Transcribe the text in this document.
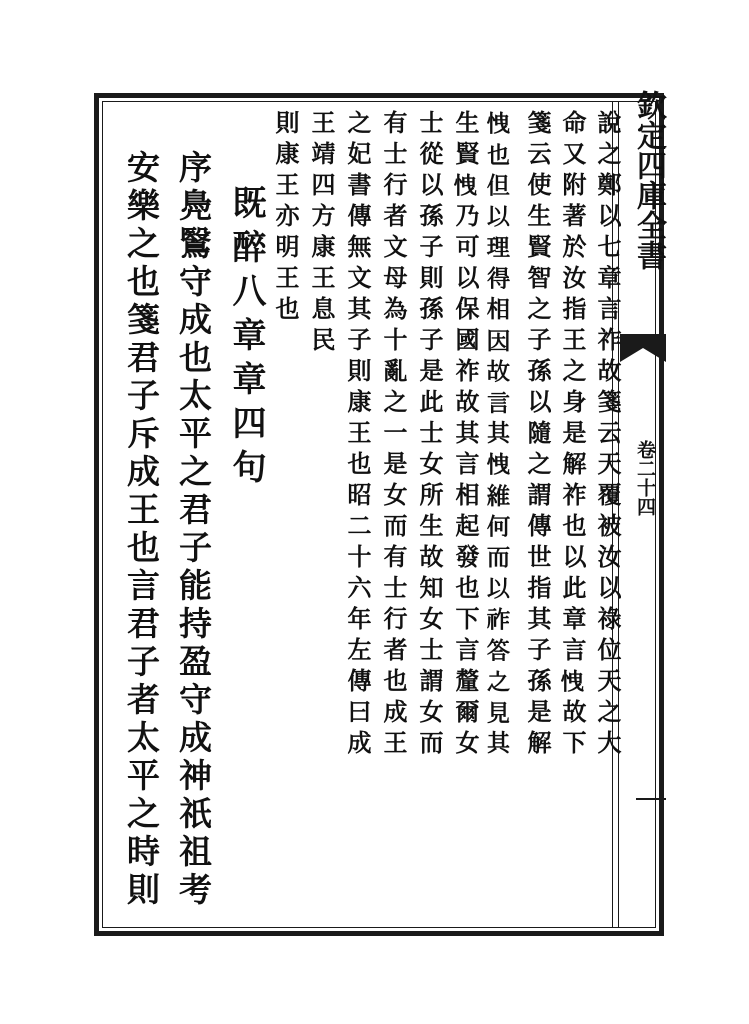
欽定四庫全書
卷二十四
說之鄭以七章言祚故箋云天覆被汝以祿位天之大
命又附著於汝指王之身是解祚也以此章言𢘽故下
箋云使生賢智之子孫以隨之謂傳世指其子孫是解
𢘽也但以理得相因故言其𢘽維何而以祚答之見其
生賢𢘽乃可以保國祚故其言相起發也下言釐爾女
士從以孫子則孫子是此士女所生故知女士謂女而
有士行者文母為十亂之一是女而有士行者也成王
之妃書傳無文其子則康王也昭二十六年左傳曰成
王靖四方康王息民
則康王亦明王也
既醉八章章四句
序鳧鷖守成也太平之君子能持盈守成神祇祖考
安樂之也箋君子斥成王也言君子者太平之時則
